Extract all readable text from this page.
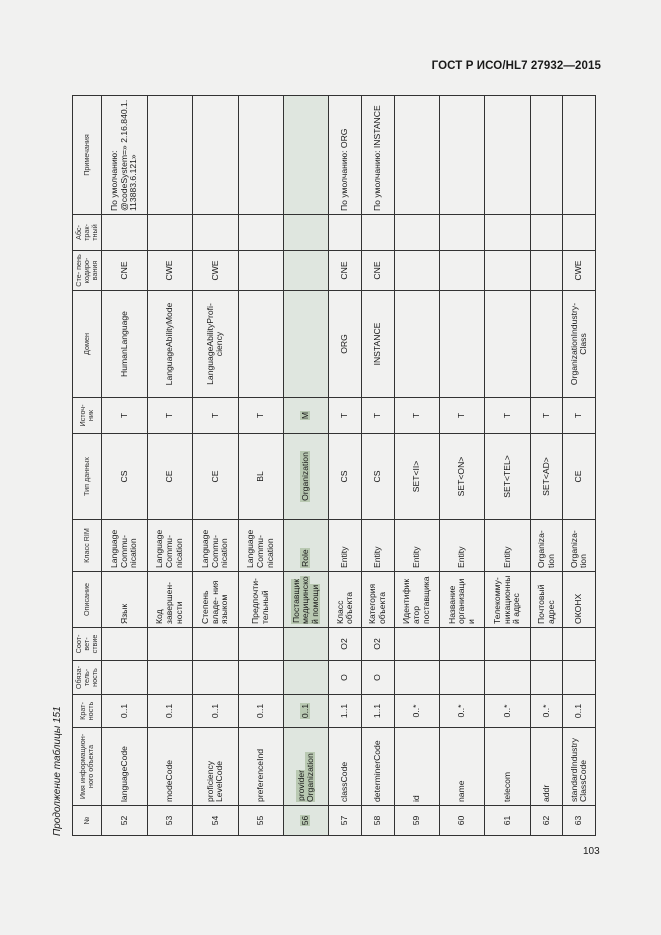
ГОСТ Р ИСО/HL7 27932—2015
Продолжение таблицы 151	№	Имя информацион- ного объекта	Крат- ность	Обяза- тель- ность	Соот- вет- ствие	Описание	Класс RIM	Тип данных	Источ- ник	Домен	Сте- пень кодиро- вания	Абс- трак- тный	Примечания
52	languageCode	0..1			Язык	Language Commu- nication	CS	T	HumanLanguage	CNE		По умолчанию: @codeSystem=» 2.16.840.1. 113883.6.121»
53	modeCode	0..1			Код завершен- ности	Language Commu- nication	CE	T	LanguageAbilityMode	CWE		
54	proficiency LevelCode	0..1			Степень владе- ния языком	Language Commu- nication	CE	T	LanguageAbilityProfi- ciency	CWE		
55	preferenceInd	0..1			Предпочти- тельный	Language Commu- nication	BL	T				
56	provider Organization	0..1			Поставщик медицинской помощи	Role	Organization	M				
57	classCode	1..1	O	O2	Класс объекта	Entity	CS	T	ORG	CNE		По умолчанию: ORG
58	determinerCode	1..1	O	O2	Категория объекта	Entity	CS	T	INSTANCE	CNE		По умолчанию: INSTANCE
59	id	0..*			Идентификатор поставщика	Entity	SET<II>	T				
60	name	0..*			Название организации	Entity	SET<ON>	T				
61	telecom	0..*			Телекомму- никационный адрес	Entity	SET<TEL>	T				
62	addr	0..*			Почтовый адрес	Organiza- tion	SET<AD>	T				
63	standardIndustry ClassCode	0..1			ОКОНХ	Organiza- tion	CE	T	OrganizationIndustry- Class	CWE		
103
